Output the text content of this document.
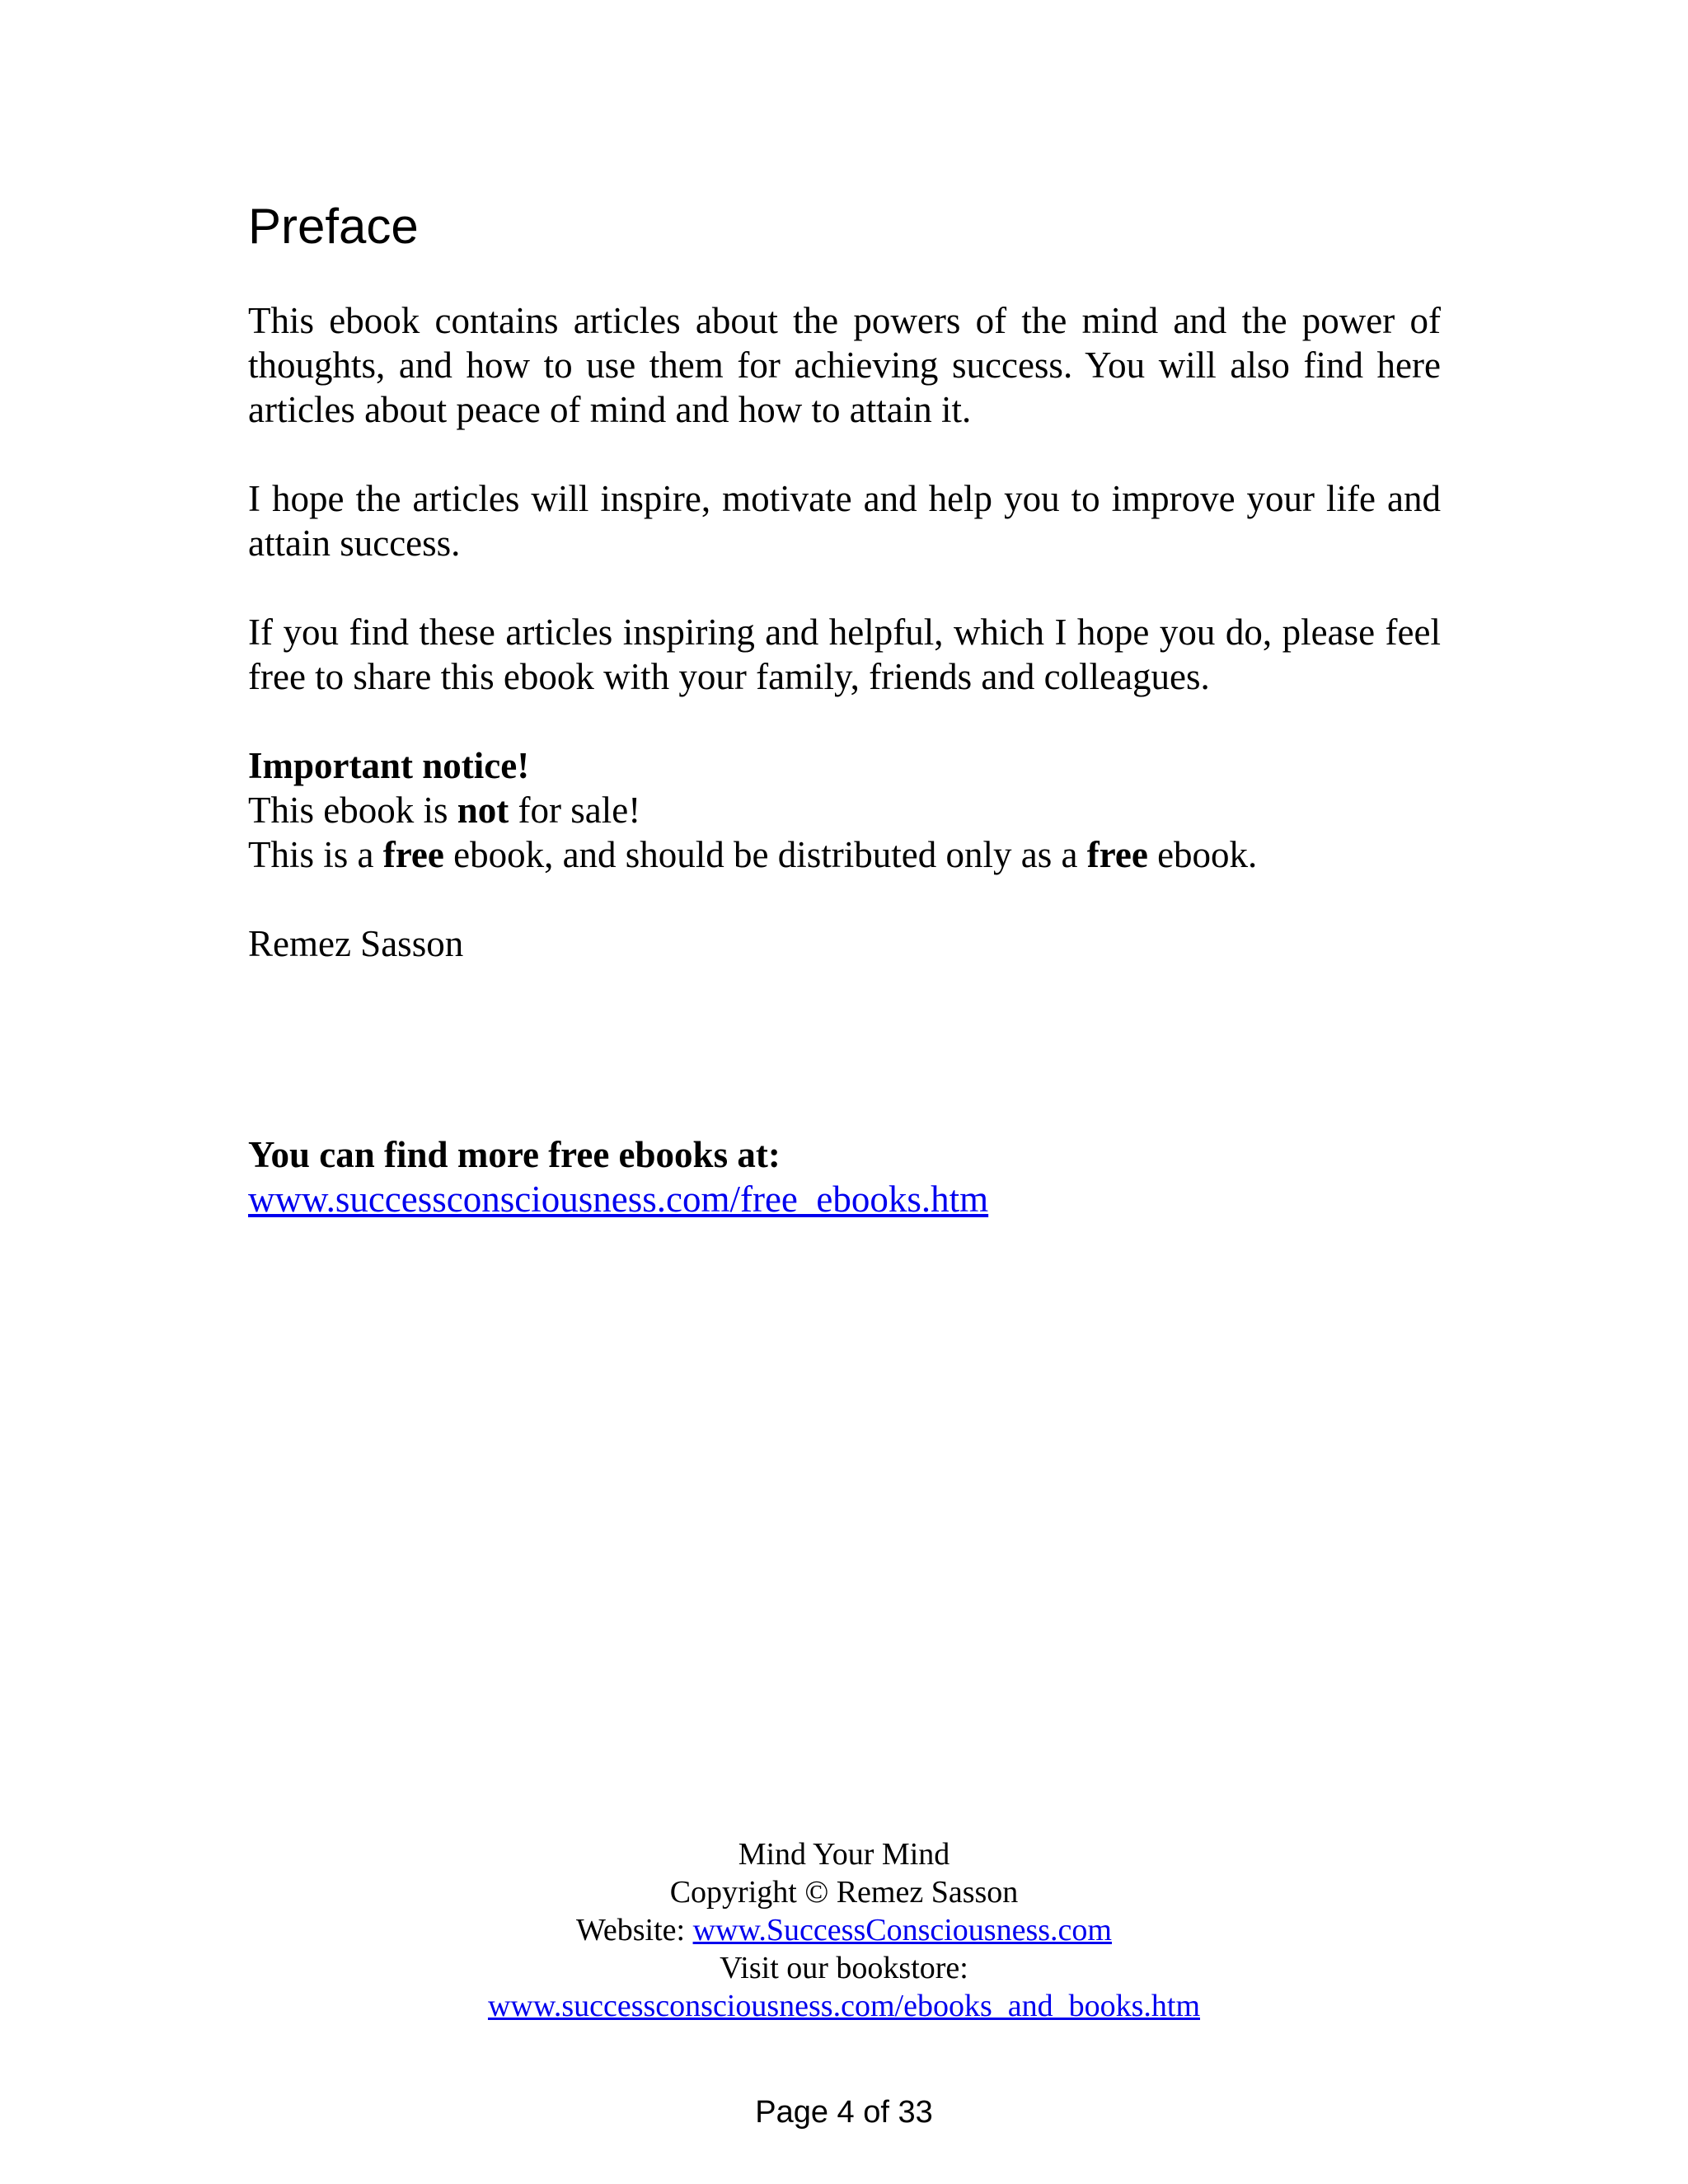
Preface

This ebook contains articles about the powers of the mind and the power of thoughts, and how to use them for achieving success. You will also find here articles about peace of mind and how to attain it.

I hope the articles will inspire, motivate and help you to improve your life and attain success.

If you find these articles inspiring and helpful, which I hope you do, please feel free to share this ebook with your family, friends and colleagues.

Important notice!
This ebook is not for sale!
This is a free ebook, and should be distributed only as a free ebook.

Remez Sasson

You can find more free ebooks at:
www.successconsciousness.com/free_ebooks.htm
Mind Your Mind
Copyright © Remez Sasson
Website: www.SuccessConsciousness.com
Visit our bookstore:
www.successconsciousness.com/ebooks_and_books.htm
Page 4 of 33
